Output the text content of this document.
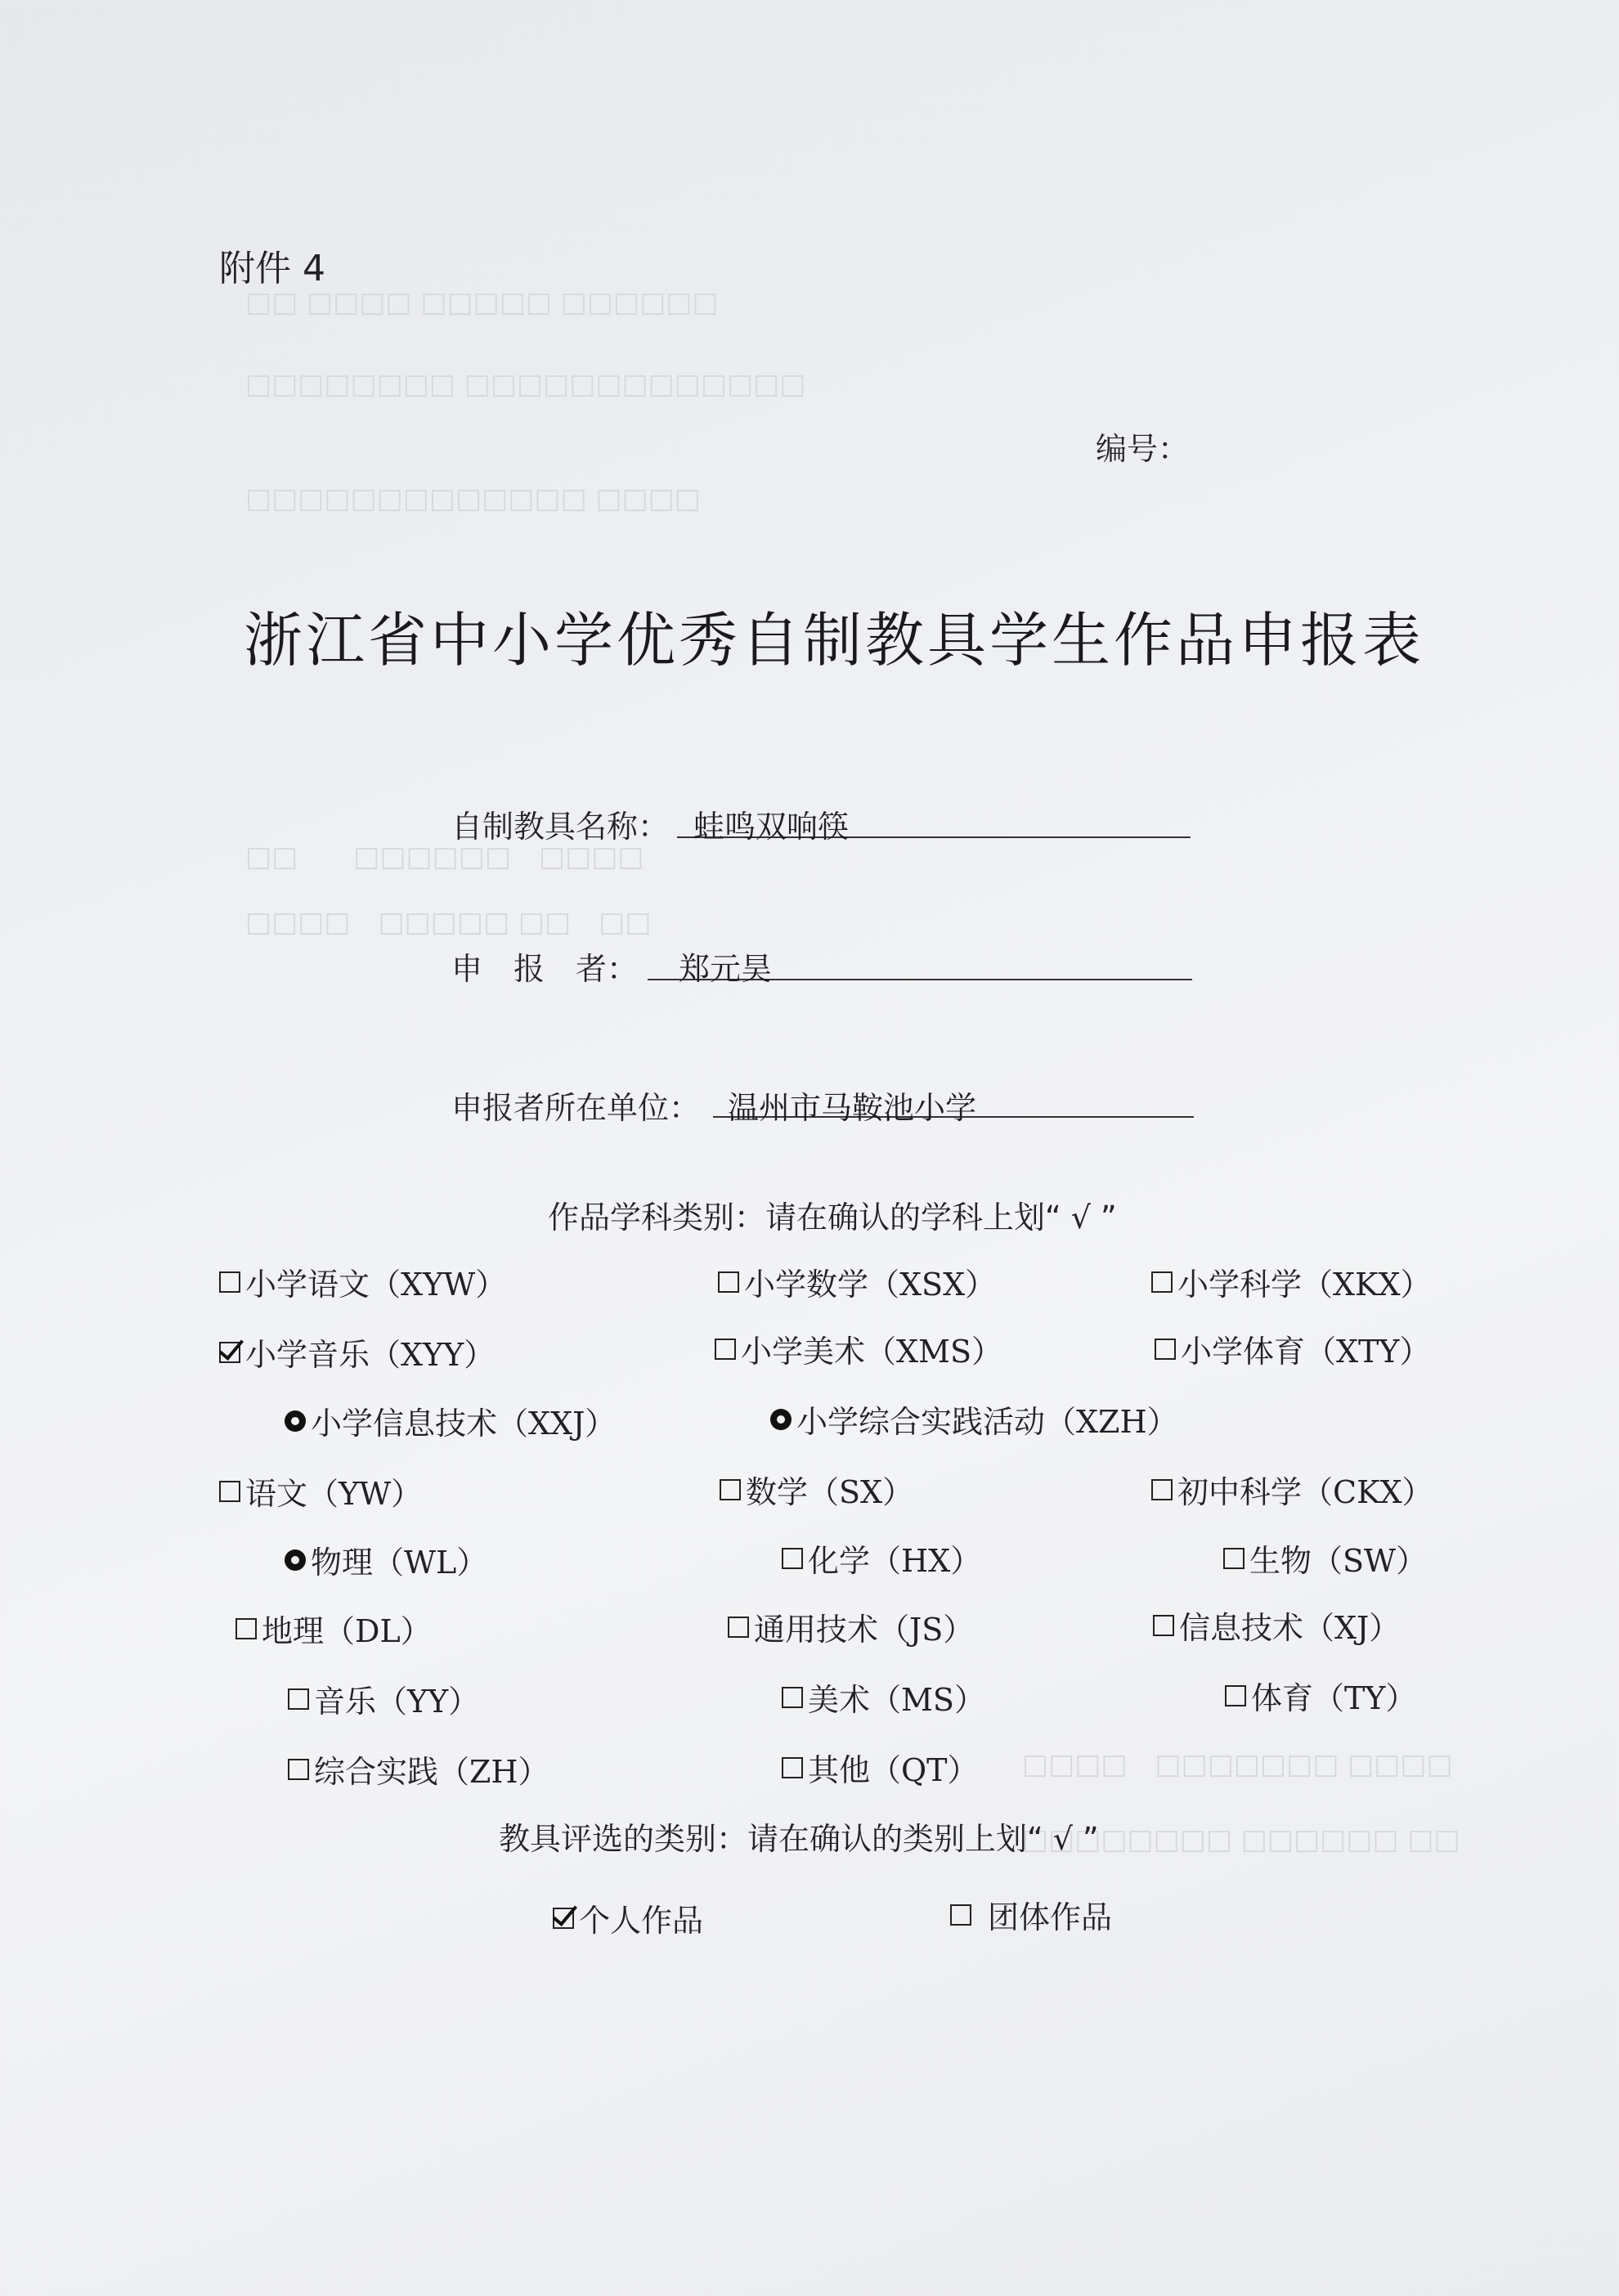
□□ □□□□ □□□□□ □□□□□□
□□□□□□□□ □□□□□□□□□□□□□
□□□□□□□□□□□□□ □□□□
□□　　□□□□□□　□□□□
□□□□　□□□□□ □□　□□
□□□□　□□□□□□□ □□□□
□□□□□□□□ □□□□□□ □□
附件 4
编号：
浙江省中小学优秀自制教具学生作品申报表
自制教具名称： 蛙鸣双响筷
申　报　者： 郑元昊
申报者所在单位： 温州市马鞍池小学
作品学科类别：请在确认的学科上划“ √ ”
小学语文（XYW）	小学数学（XSX）	小学科学（XKX）
小学音乐（XYY）	小学美术（XMS）	小学体育（XTY）
小学信息技术（XXJ）	小学综合实践活动（XZH）
语文（YW）	数学（SX）	初中科学（CKX）
物理（WL）	化学（HX）	生物（SW）
地理（DL）	通用技术（JS）	信息技术（XJ）
音乐（YY）	美术（MS）	体育（TY）
综合实践（ZH）	其他（QT）
教具评选的类别：请在确认的类别上划“ √ ”
个人作品	团体作品
